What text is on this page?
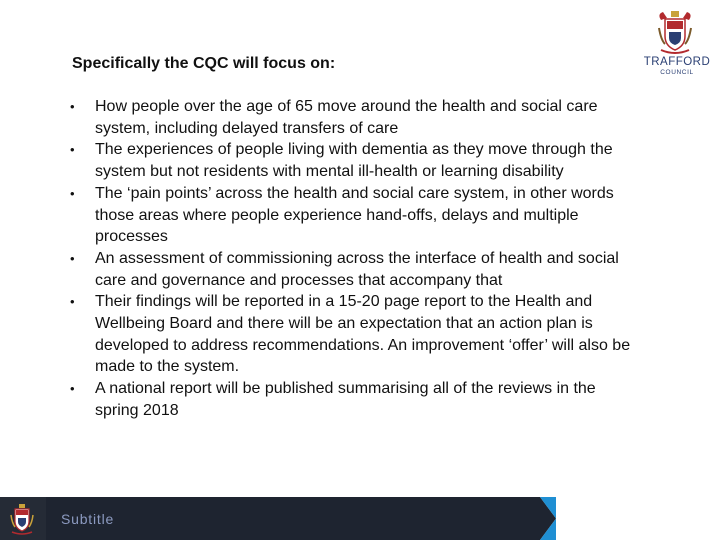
TRAFFORD
COUNCIL
Specifically the CQC will focus on:
•	How people over the age of 65 move around the health and social care system, including delayed transfers of care
•	The experiences of people living with dementia as they move through the system but not residents with mental ill-health or learning disability
•	The ‘pain points’ across the health and social care system, in other words those areas where people experience hand-offs, delays and multiple processes
•	An assessment of commissioning across the interface of health and social care and governance and processes that accompany that
•	Their findings will be reported in a 15-20 page report to the Health and Wellbeing Board and there will be an expectation that an action plan is developed to address recommendations. An improvement ‘offer’ will also be made to the system.
•	A national report will be published summarising all of the reviews in the spring 2018
Subtitle
